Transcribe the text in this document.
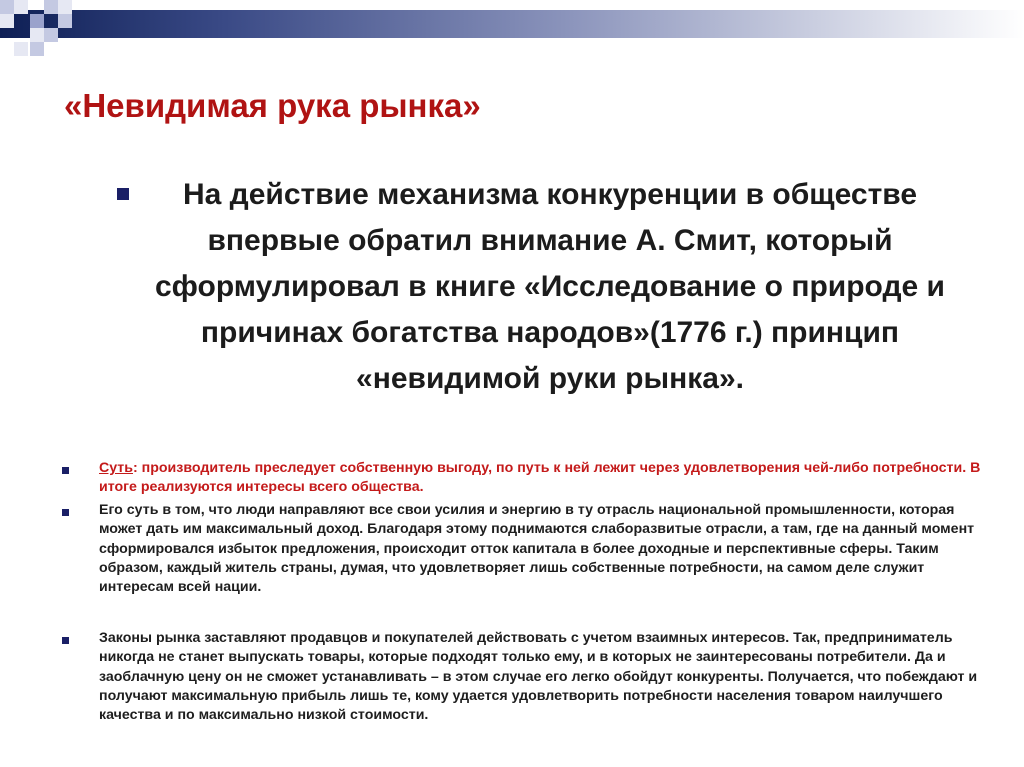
«Невидимая рука рынка»

На действие механизма конкуренции в обществе впервые обратил внимание А. Смит, который сформулировал в книге «Исследование о природе и причинах богатства народов»(1776 г.) принцип «невидимой руки рынка».

Суть: производитель преследует собственную выгоду, по путь к ней лежит через удовлетворения чей-либо потребности. В итоге реализуются интересы всего общества.

Его суть в том, что люди направляют все свои усилия и энергию в ту отрасль национальной промышленности, которая может дать им максимальный доход. Благодаря этому поднимаются слаборазвитые отрасли, а там, где на данный момент сформировался избыток предложения, происходит отток капитала в более доходные и перспективные сферы. Таким образом, каждый житель страны, думая, что удовлетворяет лишь собственные потребности, на самом деле служит интересам всей нации.

Законы рынка заставляют продавцов и покупателей действовать с учетом взаимных интересов. Так, предприниматель никогда не станет выпускать товары, которые подходят только ему, и в которых не заинтересованы потребители. Да и заоблачную цену он не сможет устанавливать – в этом случае его легко обойдут конкуренты. Получается, что побеждают и получают максимальную прибыль лишь те, кому удается удовлетворить потребности населения товаром наилучшего качества и по максимально низкой стоимости.
